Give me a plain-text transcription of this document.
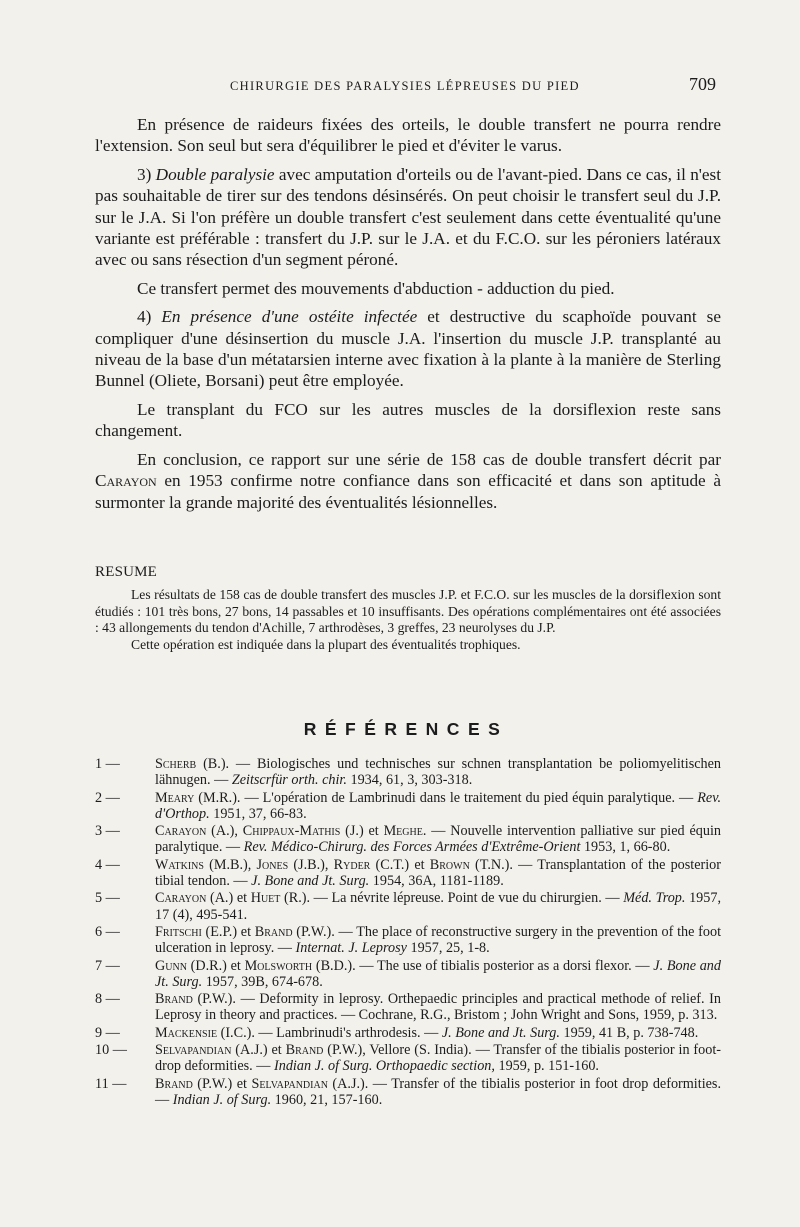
CHIRURGIE DES PARALYSIES LÉPREUSES DU PIED	709

En présence de raideurs fixées des orteils, le double transfert ne pourra rendre l'extension. Son seul but sera d'équilibrer le pied et d'éviter le varus.

3) Double paralysie avec amputation d'orteils ou de l'avant-pied. Dans ce cas, il n'est pas souhaitable de tirer sur des tendons désinsérés. On peut choisir le transfert seul du J.P. sur le J.A. Si l'on préfère un double transfert c'est seulement dans cette éventualité qu'une variante est préférable : transfert du J.P. sur le J.A. et du F.C.O. sur les péroniers latéraux avec ou sans résection d'un segment péroné.

Ce transfert permet des mouvements d'abduction - adduction du pied.

4) En présence d'une ostéite infectée et destructive du scaphoïde pouvant se compliquer d'une désinsertion du muscle J.A. l'insertion du muscle J.P. transplanté au niveau de la base d'un métatarsien interne avec fixation à la plante à la manière de Sterling Bunnel (Oliete, Borsani) peut être employée.

Le transplant du FCO sur les autres muscles de la dorsiflexion reste sans changement.

En conclusion, ce rapport sur une série de 158 cas de double transfert décrit par Carayon en 1953 confirme notre confiance dans son efficacité et dans son aptitude à surmonter la grande majorité des éventualités lésionnelles.

RESUME

Les résultats de 158 cas de double transfert des muscles J.P. et F.C.O. sur les muscles de la dorsiflexion sont étudiés : 101 très bons, 27 bons, 14 passables et 10 insuffisants. Des opérations complémentaires ont été associées : 43 allongements du tendon d'Achille, 7 arthrodèses, 3 greffes, 23 neurolyses du J.P.

Cette opération est indiquée dans la plupart des éventualités trophiques.

RÉFÉRENCES
1 —	Scherb (B.). — Biologisches und technisches sur schnen transplantation be poliomyelitischen lähnugen. — Zeitscrfür orth. chir. 1934, 61, 3, 303-318.
2 —	Meary (M.R.). — L'opération de Lambrinudi dans le traitement du pied équin paralytique. — Rev. d'Orthop. 1951, 37, 66-83.
3 —	Carayon (A.), Chippaux-Mathis (J.) et Meghe. — Nouvelle intervention palliative sur pied équin paralytique. — Rev. Médico-Chirurg. des Forces Armées d'Extrême-Orient 1953, 1, 66-80.
4 —	Watkins (M.B.), Jones (J.B.), Ryder (C.T.) et Brown (T.N.). — Transplantation of the posterior tibial tendon. — J. Bone and Jt. Surg. 1954, 36A, 1181-1189.
5 —	Carayon (A.) et Huet (R.). — La névrite lépreuse. Point de vue du chirurgien. — Méd. Trop. 1957, 17 (4), 495-541.
6 —	Fritschi (E.P.) et Brand (P.W.). — The place of reconstructive surgery in the prevention of the foot ulceration in leprosy. — Internat. J. Leprosy 1957, 25, 1-8.
7 —	Gunn (D.R.) et Molsworth (B.D.). — The use of tibialis posterior as a dorsi flexor. — J. Bone and Jt. Surg. 1957, 39B, 674-678.
8 —	Brand (P.W.). — Deformity in leprosy. Orthepaedic principles and practical methode of relief. In Leprosy in theory and practices. — Cochrane, R.G., Bristom ; John Wright and Sons, 1959, p. 313.
9 —	Mackensie (I.C.). — Lambrinudi's arthrodesis. — J. Bone and Jt. Surg. 1959, 41 B, p. 738-748.
10 —	Selvapandian (A.J.) et Brand (P.W.), Vellore (S. India). — Transfer of the tibialis posterior in foot-drop deformities. — Indian J. of Surg. Orthopaedic section, 1959, p. 151-160.
11 —	Brand (P.W.) et Selvapandian (A.J.). — Transfer of the tibialis posterior in foot drop deformities. — Indian J. of Surg. 1960, 21, 157-160.
